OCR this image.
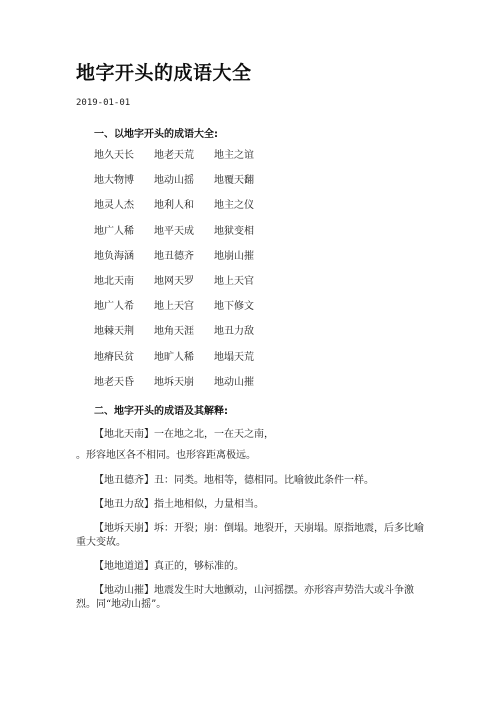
地字开头的成语大全
2019-01-01
一、以地字开头的成语大全:
地久天长	地老天荒	地主之谊
地大物博	地动山摇	地覆天翻
地灵人杰	地利人和	地主之仪
地广人稀	地平天成	地狱变相
地负海涵	地丑德齐	地崩山摧
地北天南	地网天罗	地上天官
地广人希	地上天宫	地下修文
地棘天荆	地角天涯	地丑力敌
地瘠民贫	地旷人稀	地塌天荒
地老天昏	地坼天崩	地动山摧
二、地字开头的成语及其解释:
【地北天南】一在地之北，一在天之南，
。形容地区各不相同。也形容距离极远。
【地丑德齐】丑：同类。地相等，德相同。比喻彼此条件一样。
【地丑力敌】指土地相似，力量相当。
【地坼天崩】坼：开裂；崩：倒塌。地裂开，天崩塌。原指地震，后多比喻重大变故。
【地地道道】真正的，够标准的。
【地动山摧】地震发生时大地颤动，山河摇摆。亦形容声势浩大或斗争激烈。同“地动山摇”。
